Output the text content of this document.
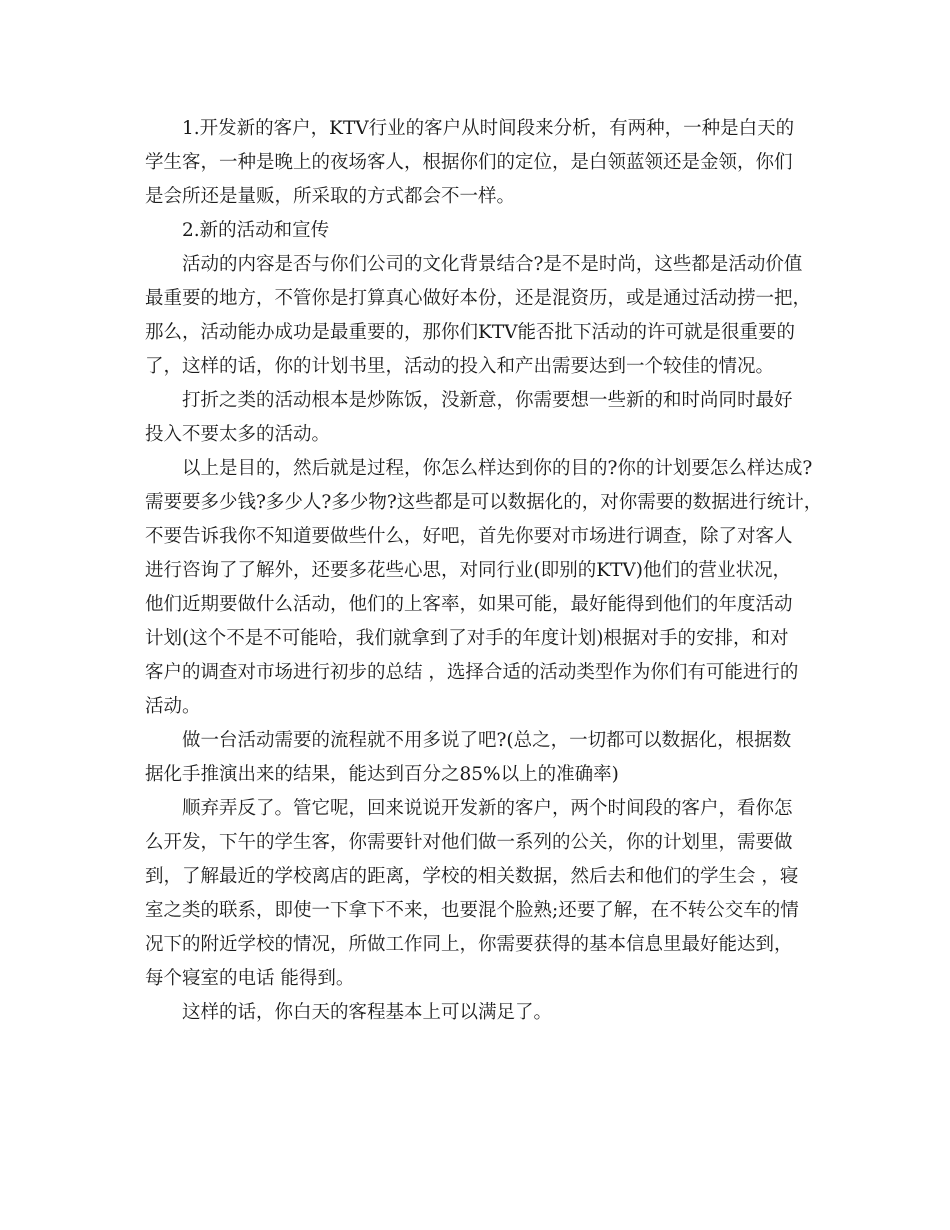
1.开发新的客户，KTV行业的客户从时间段来分析，有两种，一种是白天的
学生客，一种是晚上的夜场客人，根据你们的定位，是白领蓝领还是金领，你们
是会所还是量贩，所采取的方式都会不一样。
2.新的活动和宣传
活动的内容是否与你们公司的文化背景结合?是不是时尚，这些都是活动价值
最重要的地方，不管你是打算真心做好本份，还是混资历，或是通过活动捞一把，
那么，活动能办成功是最重要的，那你们KTV能否批下活动的许可就是很重要的
了，这样的话，你的计划书里，活动的投入和产出需要达到一个较佳的情况。
打折之类的活动根本是炒陈饭，没新意，你需要想一些新的和时尚同时最好
投入不要太多的活动。
以上是目的，然后就是过程，你怎么样达到你的目的?你的计划要怎么样达成?
需要要多少钱?多少人?多少物?这些都是可以数据化的，对你需要的数据进行统计，
不要告诉我你不知道要做些什么，好吧，首先你要对市场进行调查，除了对客人
进行咨询了了解外，还要多花些心思，对同行业(即别的KTV)他们的营业状况，
他们近期要做什么活动，他们的上客率，如果可能，最好能得到他们的年度活动
计划(这个不是不可能哈，我们就拿到了对手的年度计划)根据对手的安排，和对
客户的调查对市场进行初步的总结 ，选择合适的活动类型作为你们有可能进行的
活动。
做一台活动需要的流程就不用多说了吧?(总之，一切都可以数据化，根据数
据化手推演出来的结果，能达到百分之85%以上的准确率)
顺弃弄反了。管它呢，回来说说开发新的客户，两个时间段的客户，看你怎
么开发，下午的学生客，你需要针对他们做一系列的公关，你的计划里，需要做
到，了解最近的学校离店的距离，学校的相关数据，然后去和他们的学生会 ，寝
室之类的联系，即使一下拿下不来，也要混个脸熟;还要了解，在不转公交车的情
况下的附近学校的情况，所做工作同上，你需要获得的基本信息里最好能达到，
每个寝室的电话 能得到。
这样的话，你白天的客程基本上可以满足了。
